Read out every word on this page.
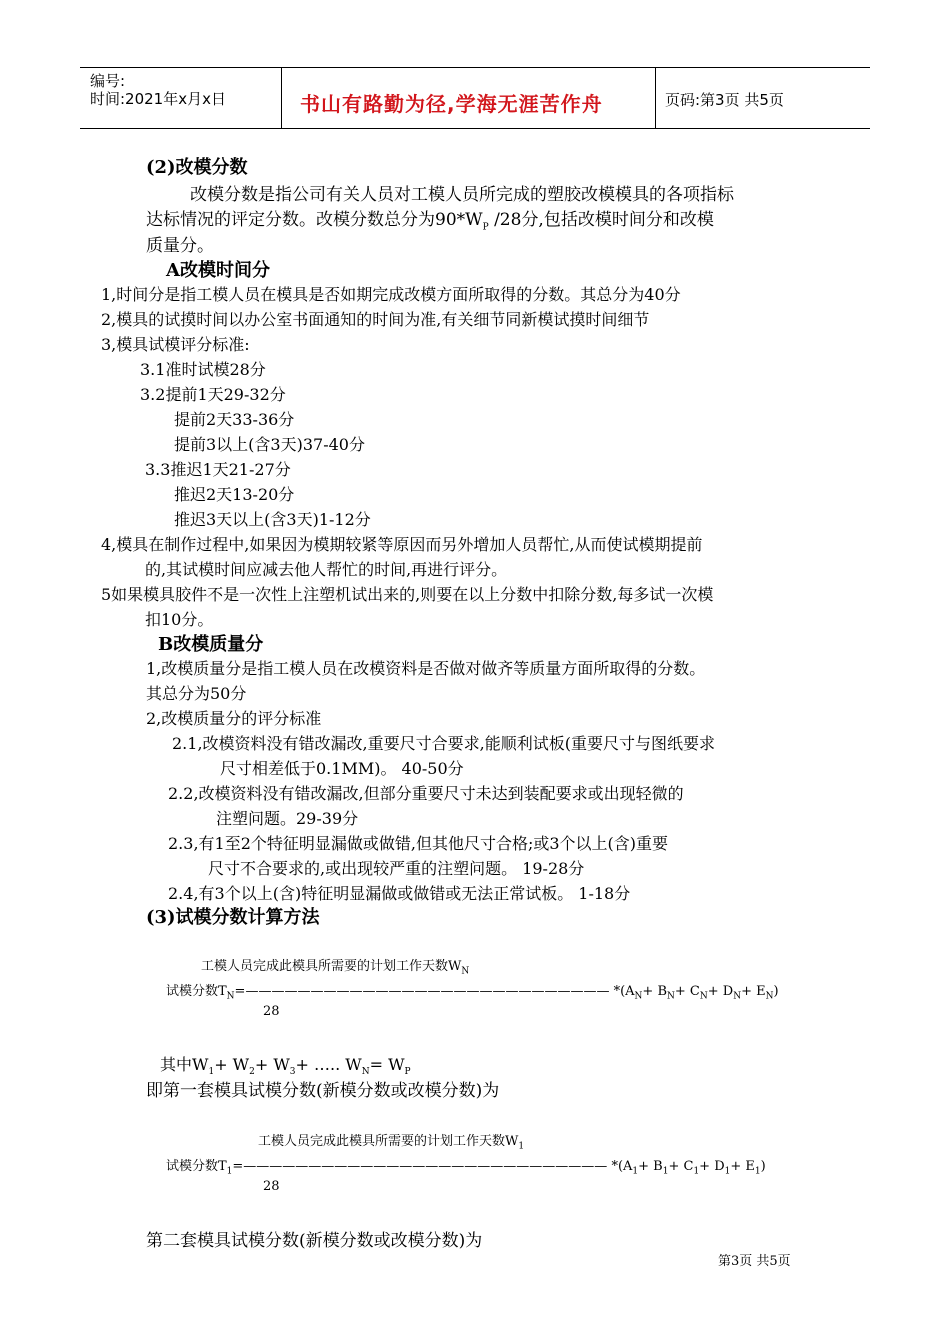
编号:
时间:2021年x月x日	书山有路勤为径,学海无涯苦作舟	页码:第3页 共5页
(2)改模分数
改模分数是指公司有关人员对工模人员所完成的塑胶改模模具的各项指标
达标情况的评定分数。改模分数总分为$90*W_P$ /28分,包括改模时间分和改模
质量分。
A改模时间分
1,时间分是指工模人员在模具是否如期完成改模方面所取得的分数。其总分为40分
2,模具的试摸时间以办公室书面通知的时间为准,有关细节同新模试摸时间细节
3,模具试模评分标准:
3.1准时试模28分
3.2提前1天29-32分
提前2天33-36分
提前3以上(含3天)37-40分
3.3推迟1天21-27分
推迟2天13-20分
推迟3天以上(含3天)1-12分
4,模具在制作过程中,如果因为模期较紧等原因而另外增加人员帮忙,从而使试模期提前
的,其试模时间应减去他人帮忙的时间,再进行评分。
5如果模具胶件不是一次性上注塑机试出来的,则要在以上分数中扣除分数,每多试一次模
扣10分。
B改模质量分
1,改模质量分是指工模人员在改模资料是否做对做齐等质量方面所取得的分数。
其总分为50分
2,改模质量分的评分标准
2.1,改模资料没有错改漏改,重要尺寸合要求,能顺利试板(重要尺寸与图纸要求
尺寸相差低于0.1MM)。 40-50分
2.2,改模资料没有错改漏改,但部分重要尺寸未达到装配要求或出现轻微的
注塑问题。29-39分
2.3,有1至2个特征明显漏做或做错,但其他尺寸合格;或3个以上(含)重要
尺寸不合要求的,或出现较严重的注塑问题。 19-28分
2.4,有3个以上(含)特征明显漏做或做错或无法正常试板。 1-18分
(3)试模分数计算方法
工模人员完成此模具所需要的计划工作天数$W_N$
试模分数$T_N=————————————————————————————$ $*(A_N+ B_N+ C_N+ D_N+ E_N)$
28
其中$W_1+ W_2+ W_3+$ ….. $W_N= W_P$
即第一套模具试模分数(新模分数或改模分数)为
工模人员完成此模具所需要的计划工作天数$W_1$
试模分数$T_1=————————————————————————————$ $*(A_1+ B_1+ C_1+ D_1+ E_1)$
28
第二套模具试模分数(新模分数或改模分数)为
第3页 共5页
